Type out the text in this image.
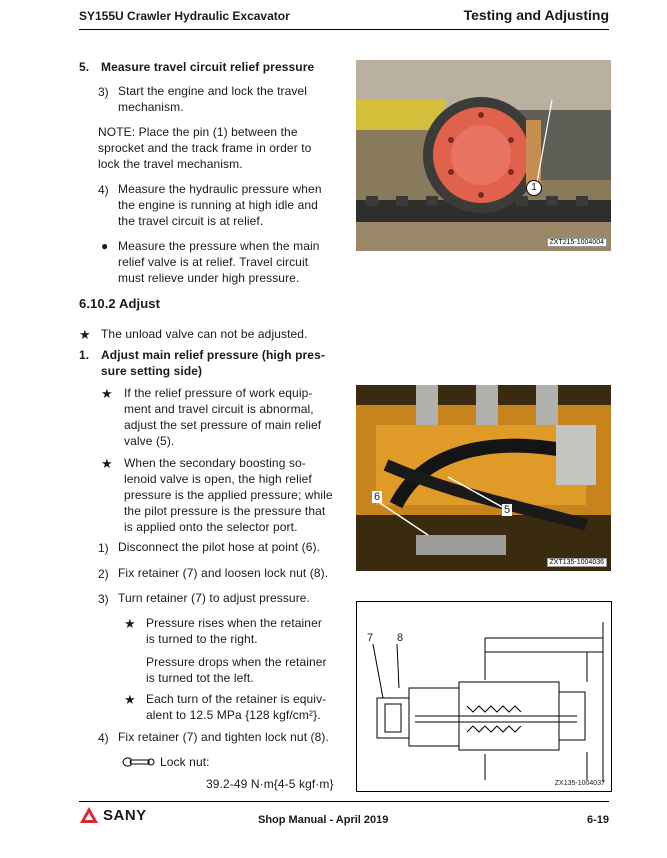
SY155U Crawler Hydraulic Excavator	Testing and Adjusting
5. Measure travel circuit relief pressure
3) Start the engine and lock the travel
mechanism.
NOTE: Place the pin (1) between the
sprocket and the track frame in order to
lock the travel mechanism.
4) Measure the hydraulic pressure when
the engine is running at high idle and
the travel circuit is at relief.
● Measure the pressure when the main
relief valve is at relief. Travel circuit
must relieve under high pressure.
6.10.2 Adjust
★ The unload valve can not be adjusted.
1. Adjust main relief pressure (high pres-
sure setting side)
★ If the relief pressure of work equip-
ment and travel circuit is abnormal,
adjust the set pressure of main relief
valve (5).
★ When the secondary boosting so-
lenoid valve is open, the high relief
pressure is the applied pressure; while
the pilot pressure is the pressure that
is applied onto the selector port.
1) Disconnect the pilot hose at point (6).
2) Fix retainer (7) and loosen lock nut (8).
3) Turn retainer (7) to adjust pressure.
★ Pressure rises when the retainer
is turned to the right.
Pressure drops when the retainer
is turned tot the left.
★ Each turn of the retainer is equiv-
alent to 12.5 MPa {128 kgf/cm²}.
4) Fix retainer (7) and tighten lock nut (8).
Lock nut:
39.2-49 N·m{4-5 kgf·m}
1
ZXT215-1004004
6
5
ZXT135-1004036
7 8
ZX135-1004037
SANY	Shop Manual - April 2019	6-19
